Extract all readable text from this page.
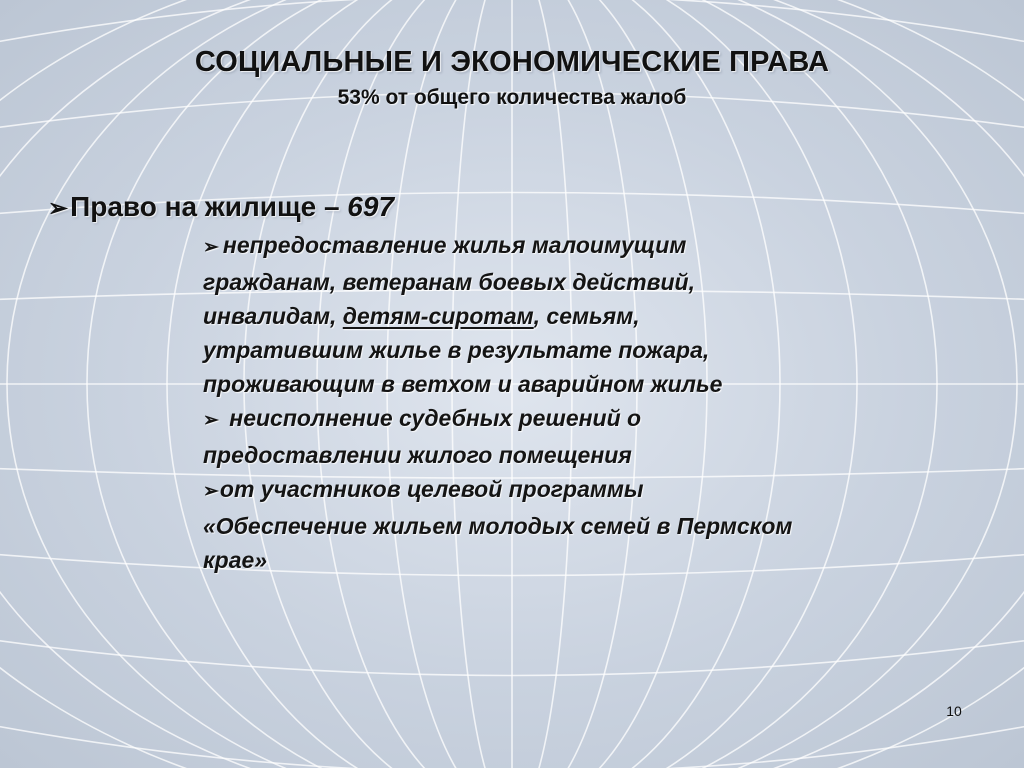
СОЦИАЛЬНЫЕ И ЭКОНОМИЧЕСКИЕ ПРАВА
53% от общего количества жалоб
➢Право на жилище – 697
➢ непредоставление жилья малоимущим
гражданам, ветеранам боевых действий,
инвалидам, детям-сиротам, семьям,
утратившим жилье в результате пожара,
проживающим в ветхом и аварийном жилье
➢ неисполнение судебных решений о
предоставлении жилого помещения
➢от участников целевой программы
«Обеспечение жильем молодых семей в Пермском
крае»
10
